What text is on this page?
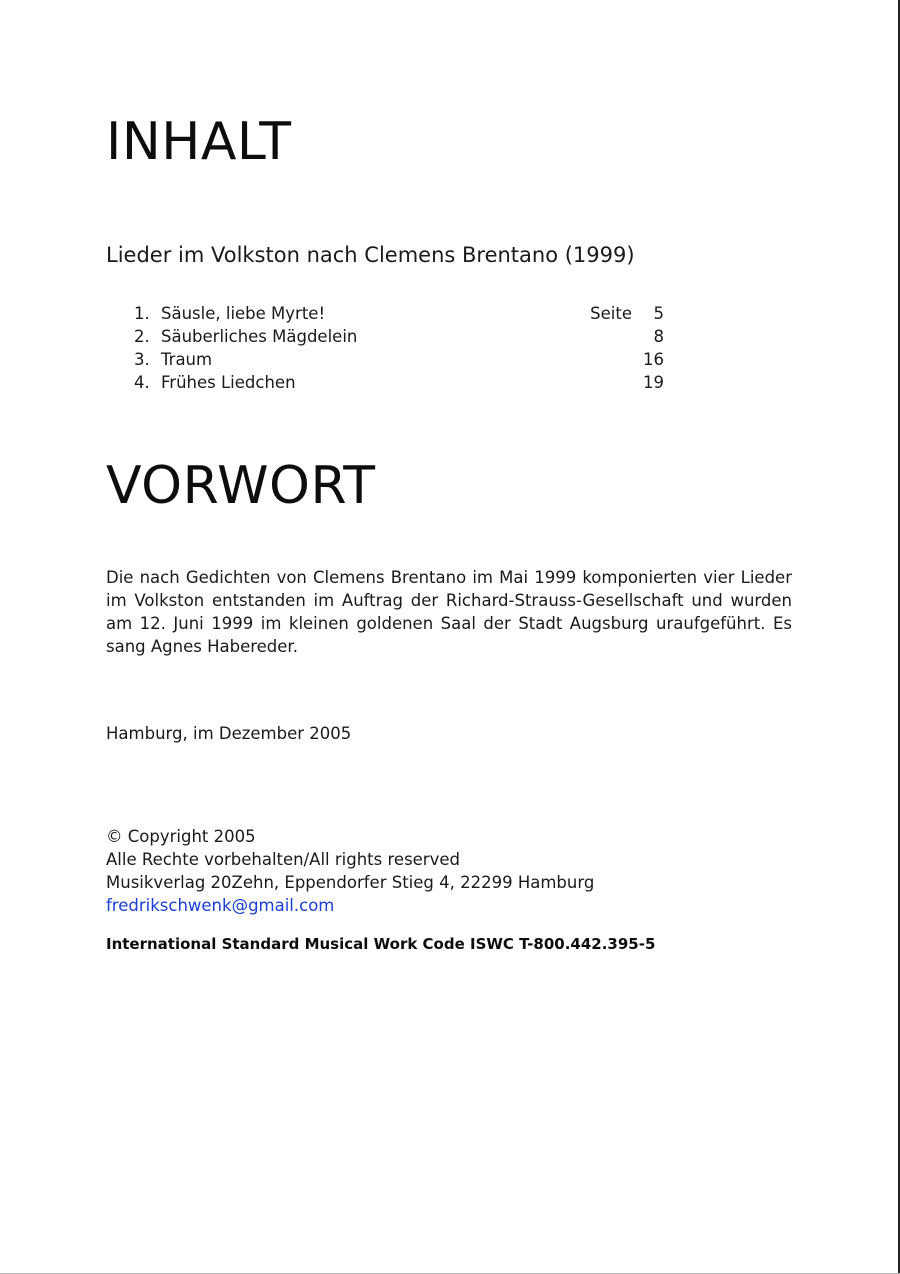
INHALT
Lieder im Volkston nach Clemens Brentano (1999)
1. Säusle, liebe Myrte!	Seite	5
2. Säuberliches Mägdelein	8
3. Traum	16
4. Frühes Liedchen	19
VORWORT

Die nach Gedichten von Clemens Brentano im Mai 1999 komponierten vier Lieder im Volkston entstanden im Auftrag der Richard-Strauss-Gesellschaft und wurden am 12. Juni 1999 im kleinen goldenen Saal der Stadt Augsburg uraufgeführt. Es sang Agnes Habereder.

Hamburg, im Dezember 2005
© Copyright 2005
Alle Rechte vorbehalten/All rights reserved
Musikverlag 20Zehn, Eppendorfer Stieg 4, 22299 Hamburg
fredrikschwenk@gmail.com
International Standard Musical Work Code ISWC T-800.442.395-5
